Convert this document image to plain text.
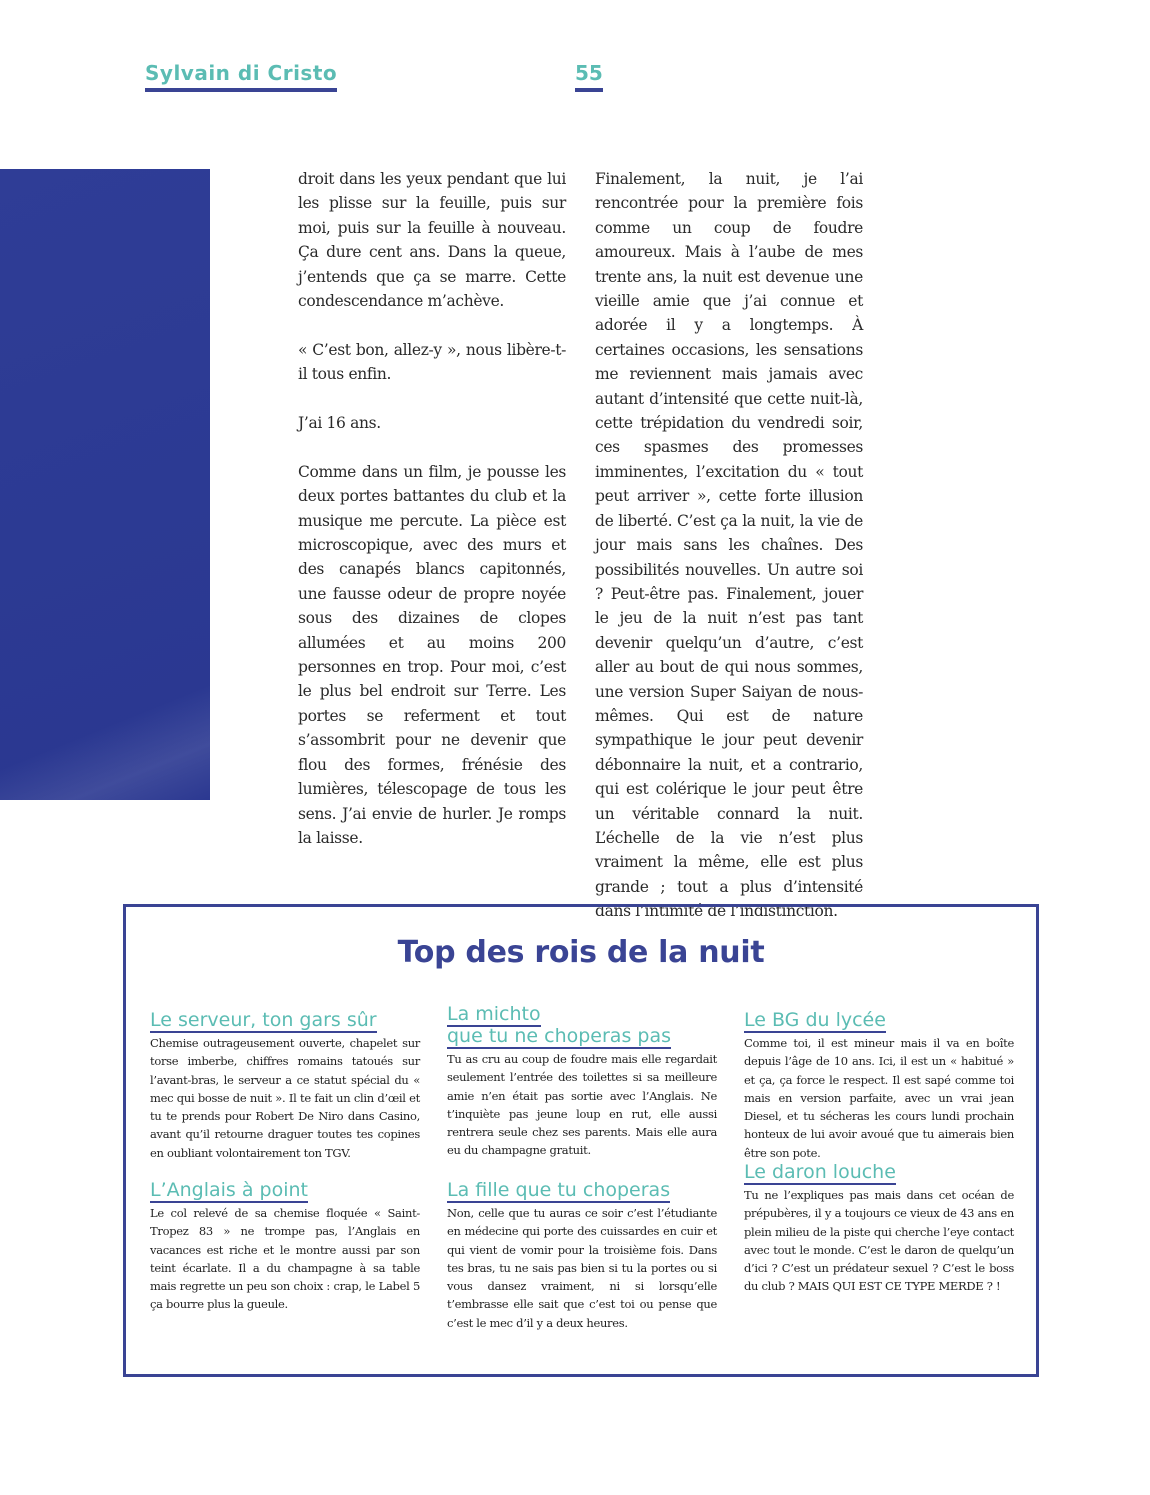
Sylvain di Cristo	55

droit dans les yeux pendant que lui les plisse sur la feuille, puis sur moi, puis sur la feuille à nouveau. Ça dure cent ans. Dans la queue, j’entends que ça se marre. Cette condescendance m’achève.

« C’est bon, allez-y », nous libère-t-il tous enfin.

J’ai 16 ans.

Comme dans un film, je pousse les deux portes battantes du club et la musique me percute. La pièce est microscopique, avec des murs et des canapés blancs capitonnés, une fausse odeur de propre noyée sous des dizaines de clopes allumées et au moins 200 personnes en trop. Pour moi, c’est le plus bel endroit sur Terre. Les portes se referment et tout s’assombrit pour ne devenir que flou des formes, frénésie des lumières, télescopage de tous les sens. J’ai envie de hurler. Je romps la laisse.

Finalement, la nuit, je l’ai rencontrée pour la première fois comme un coup de foudre amoureux. Mais à l’aube de mes trente ans, la nuit est devenue une vieille amie que j’ai connue et adorée il y a longtemps. À certaines occasions, les sensations me reviennent mais jamais avec autant d’intensité que cette nuit-là, cette trépidation du vendredi soir, ces spasmes des promesses imminentes, l’excitation du « tout peut arriver », cette forte illusion de liberté. C’est ça la nuit, la vie de jour mais sans les chaînes. Des possibilités nouvelles. Un autre soi ? Peut-être pas. Finalement, jouer le jeu de la nuit n’est pas tant devenir quelqu’un d’autre, c’est aller au bout de qui nous sommes, une version Super Saiyan de nous-mêmes. Qui est de nature sympathique le jour peut devenir débonnaire la nuit, et a contrario, qui est colérique le jour peut être un véritable connard la nuit. L’échelle de la vie n’est plus vraiment la même, elle est plus grande ; tout a plus d’intensité dans l’intimité de l’indistinction.

Top des rois de la nuit
Le serveur, ton gars sûr

Chemise outrageusement ouverte, chapelet sur torse imberbe, chiffres romains tatoués sur l’avant-bras, le serveur a ce statut spécial du « mec qui bosse de nuit ». Il te fait un clin d’œil et tu te prends pour Robert De Niro dans Casino, avant qu’il retourne draguer toutes tes copines en oubliant volontairement ton TGV.

L’Anglais à point

Le col relevé de sa chemise floquée « Saint-Tropez 83 » ne trompe pas, l’Anglais en vacances est riche et le montre aussi par son teint écarlate. Il a du champagne à sa table mais regrette un peu son choix : crap, le Label 5 ça bourre plus la gueule.

La michto
que tu ne choperas pas

Tu as cru au coup de foudre mais elle regardait seulement l’entrée des toilettes si sa meilleure amie n’en était pas sortie avec l’Anglais. Ne t’inquiète pas jeune loup en rut, elle aussi rentrera seule chez ses parents. Mais elle aura eu du champagne gratuit.

La fille que tu choperas

Non, celle que tu auras ce soir c’est l’étudiante en médecine qui porte des cuissardes en cuir et qui vient de vomir pour la troisième fois. Dans tes bras, tu ne sais pas bien si tu la portes ou si vous dansez vraiment, ni si lorsqu’elle t’embrasse elle sait que c’est toi ou pense que c’est le mec d’il y a deux heures.

Le BG du lycée

Comme toi, il est mineur mais il va en boîte depuis l’âge de 10 ans. Ici, il est un « habitué » et ça, ça force le respect. Il est sapé comme toi mais en version parfaite, avec un vrai jean Diesel, et tu sécheras les cours lundi prochain honteux de lui avoir avoué que tu aimerais bien être son pote.

Le daron louche

Tu ne l’expliques pas mais dans cet océan de prépubères, il y a toujours ce vieux de 43 ans en plein milieu de la piste qui cherche l’eye contact avec tout le monde. C’est le daron de quelqu’un d’ici ? C’est un prédateur sexuel ? C’est le boss du club ? MAIS QUI EST CE TYPE MERDE ? !
